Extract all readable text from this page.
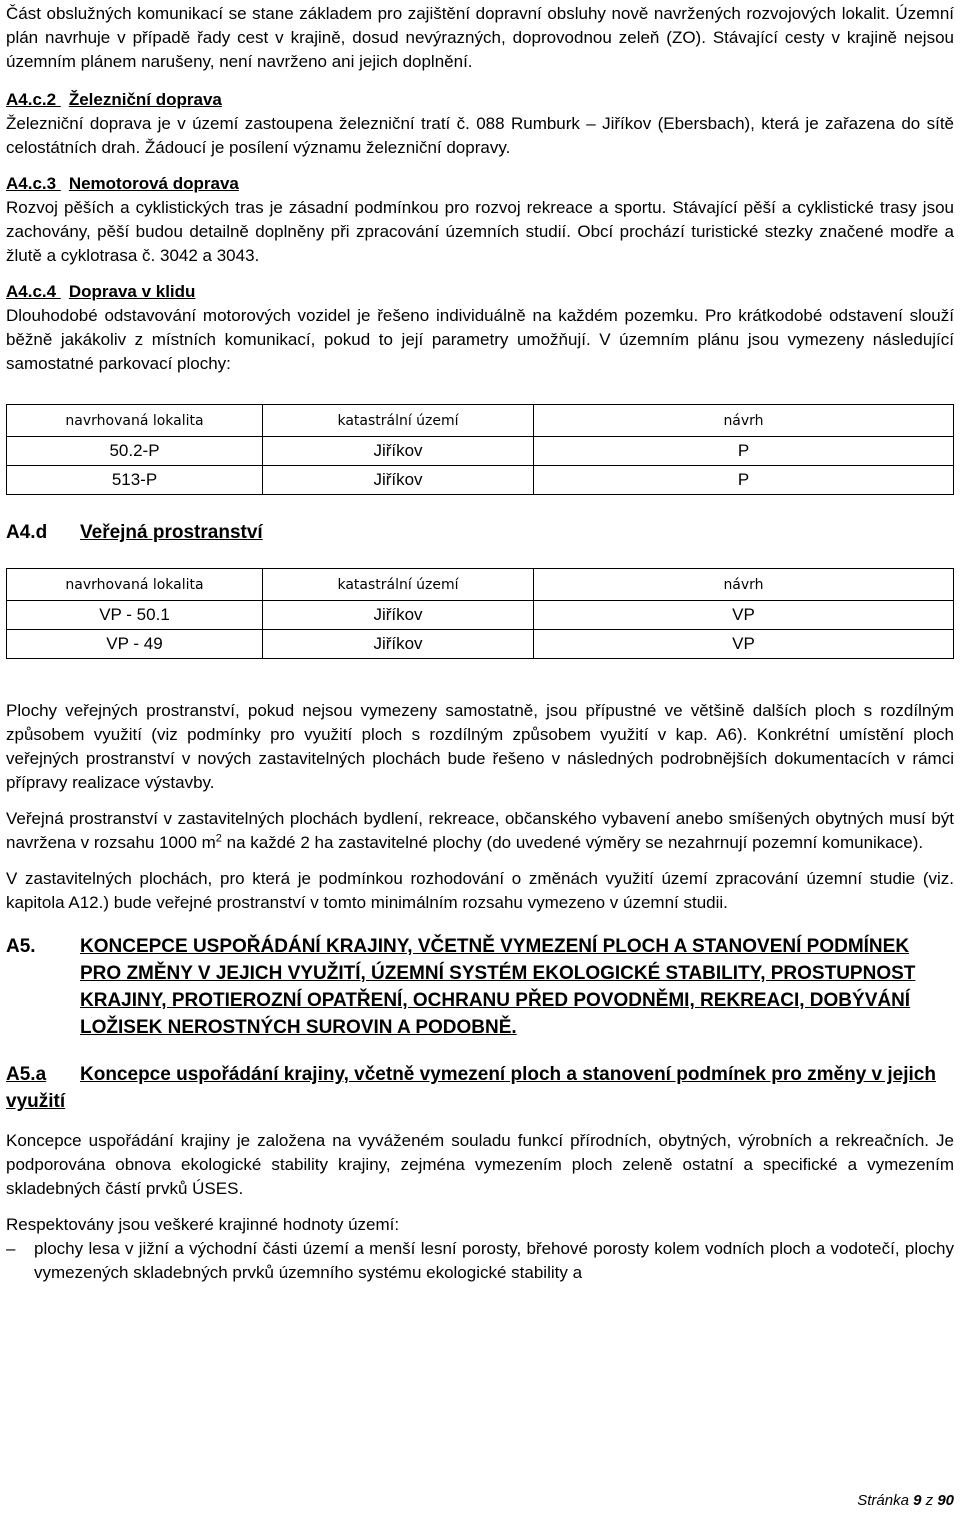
Část obslužných komunikací se stane základem pro zajištění dopravní obsluhy nově navržených rozvojových lokalit. Územní plán navrhuje v případě řady cest v krajině, dosud nevýrazných, doprovodnou zeleň (ZO). Stávající cesty v krajině nejsou územním plánem narušeny, není navrženo ani jejich doplnění.

A4.c.2 Železniční doprava

Železniční doprava je v území zastoupena železniční tratí č. 088 Rumburk – Jiříkov (Ebersbach), která je zařazena do sítě celostátních drah. Žádoucí je posílení významu železniční dopravy.

A4.c.3 Nemotorová doprava

Rozvoj pěších a cyklistických tras je zásadní podmínkou pro rozvoj rekreace a sportu. Stávající pěší a cyklistické trasy jsou zachovány, pěší budou detailně doplněny při zpracování územních studií. Obcí prochází turistické stezky značené modře a žlutě a cyklotrasa č. 3042 a 3043.

A4.c.4 Doprava v klidu

Dlouhodobé odstavování motorových vozidel je řešeno individuálně na každém pozemku. Pro krátkodobé odstavení slouží běžně jakákoliv z místních komunikací, pokud to její parametry umožňují. V územním plánu jsou vymezeny následující samostatné parkovací plochy:

navrhovaná lokalita	katastrální území	návrh
50.2-P	Jiříkov	P
513-P	Jiříkov	P
A4.d	Veřejná prostranství
navrhovaná lokalita	katastrální území	návrh
VP - 50.1	Jiříkov	VP
VP - 49	Jiříkov	VP

Plochy veřejných prostranství, pokud nejsou vymezeny samostatně, jsou přípustné ve většině dalších ploch s rozdílným způsobem využití (viz podmínky pro využití ploch s rozdílným způsobem využití v kap. A6). Konkrétní umístění ploch veřejných prostranství v nových zastavitelných plochách bude řešeno v následných podrobnějších dokumentacích v rámci přípravy realizace výstavby.

Veřejná prostranství v zastavitelných plochách bydlení, rekreace, občanského vybavení anebo smíšených obytných musí být navržena v rozsahu 1000 $m^2$ na každé 2 ha zastavitelné plochy (do uvedené výměry se nezahrnují pozemní komunikace).

V zastavitelných plochách, pro která je podmínkou rozhodování o změnách využití území zpracování územní studie (viz. kapitola A12.) bude veřejné prostranství v tomto minimálním rozsahu vymezeno v územní studii.

A5.	KONCEPCE USPOŘÁDÁNÍ KRAJINY, VČETNĚ VYMEZENÍ PLOCH A STANOVENÍ PODMÍNEK PRO ZMĚNY V JEJICH VYUŽITÍ, ÚZEMNÍ SYSTÉM EKOLOGICKÉ STABILITY, PROSTUPNOST KRAJINY, PROTIEROZNÍ OPATŘENÍ, OCHRANU PŘED POVODNĚMI, REKREACI, DOBÝVÁNÍ LOŽISEK NEROSTNÝCH SUROVIN A PODOBNĚ.
A5.a Koncepce uspořádání krajiny, včetně vymezení ploch a stanovení podmínek pro změny v jejich využití

Koncepce uspořádání krajiny je založena na vyváženém souladu funkcí přírodních, obytných, výrobních a rekreačních. Je podporována obnova ekologické stability krajiny, zejména vymezením ploch zeleně ostatní a specifické a vymezením skladebných částí prvků ÚSES.

Respektovány jsou veškeré krajinné hodnoty území:

–	plochy lesa v jižní a východní části území a menší lesní porosty, břehové porosty kolem vodních ploch a vodotečí, plochy vymezených skladebných prvků územního systému ekologické stability a

Stránka 9 z 90
